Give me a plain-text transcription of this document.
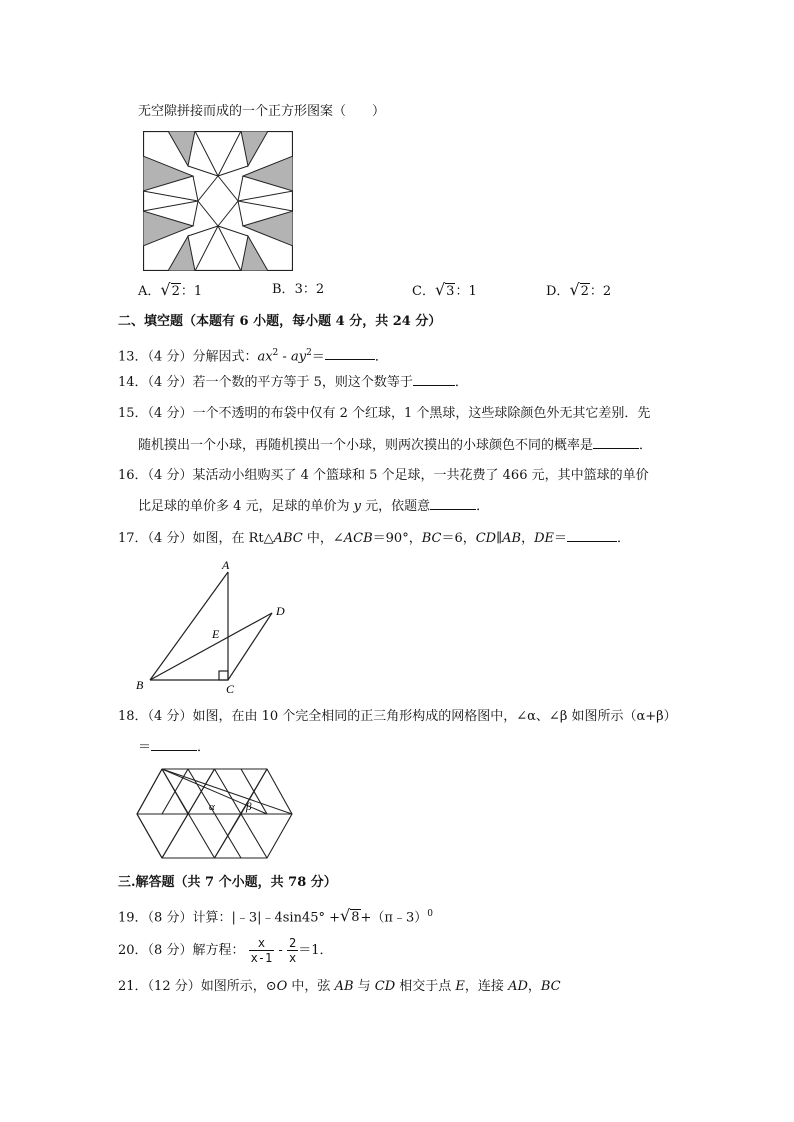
无空隙拼接而成的一个正方形图案（　　）
A．√2：1	B．3：2	C．√3：1	D．√2：2
二、填空题（本题有 6 小题，每小题 4 分，共 24 分）
13．（4 分）分解因式：$ax^2 - ay^2=$	．
14．（4 分）若一个数的平方等于 5，则这个数等于	．
15．（4 分）一个不透明的布袋中仅有 2 个红球，1 个黑球，这些球除颜色外无其它差别．先
随机摸出一个小球，再随机摸出一个小球，则两次摸出的小球颜色不同的概率是	．
16．（4 分）某活动小组购买了 4 个篮球和 5 个足球，一共花费了 466 元，其中篮球的单价
比足球的单价多 4 元，足球的单价为 y 元，依题意	．
17．（4 分）如图，在 Rt△ABC 中，∠ACB＝90°，BC＝6，CD∥AB，DE＝	．
A
B	C
D
E
18．（4 分）如图，在由 10 个完全相同的正三角形构成的网格图中，∠α、∠β 如图所示（α+β）
＝	．
α	β
三.解答题（共 7 个小题，共 78 分）
19．（8 分）计算：|﹣3|﹣4sin45° +√8+（π﹣3）$^0$
20．（8 分）解方程： $\frac{x}{x-1} - \frac{2}{x} =1$．
21．（12 分）如图所示，⊙O 中，弦 AB 与 CD 相交于点 E，连接 AD，BC
